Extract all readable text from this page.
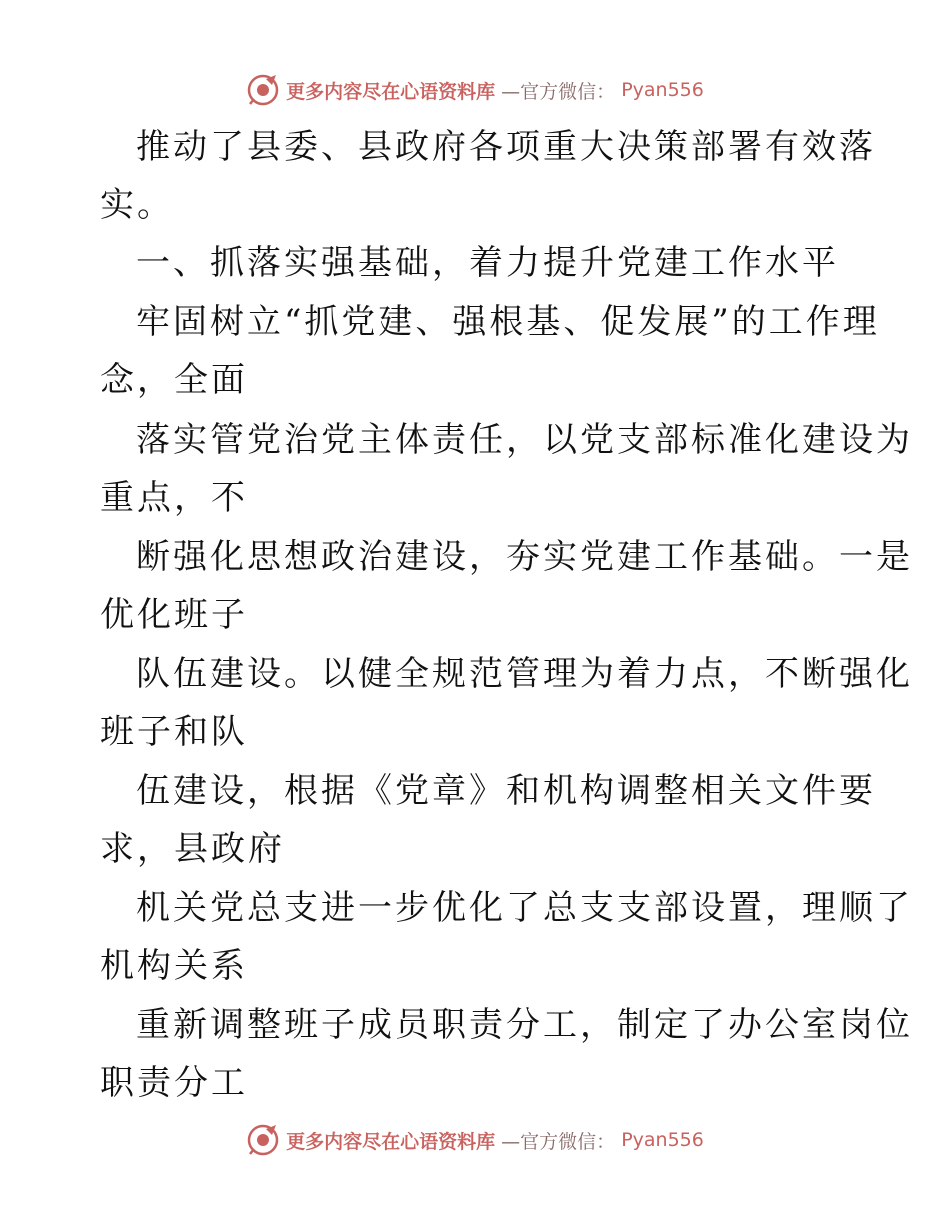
更多内容尽在心语资料库 —官方微信： Pyan556
推动了县委、县政府各项重大决策部署有效落
实。
一、抓落实强基础，着力提升党建工作水平
牢固树立“抓党建、强根基、促发展”的工作理
念，全面
落实管党治党主体责任，以党支部标准化建设为
重点，不
断强化思想政治建设，夯实党建工作基础。一是
优化班子
队伍建设。以健全规范管理为着力点，不断强化
班子和队
伍建设，根据《党章》和机构调整相关文件要
求，县政府
机关党总支进一步优化了总支支部设置，理顺了
机构关系
重新调整班子成员职责分工，制定了办公室岗位
职责分工
更多内容尽在心语资料库 —官方微信： Pyan556
